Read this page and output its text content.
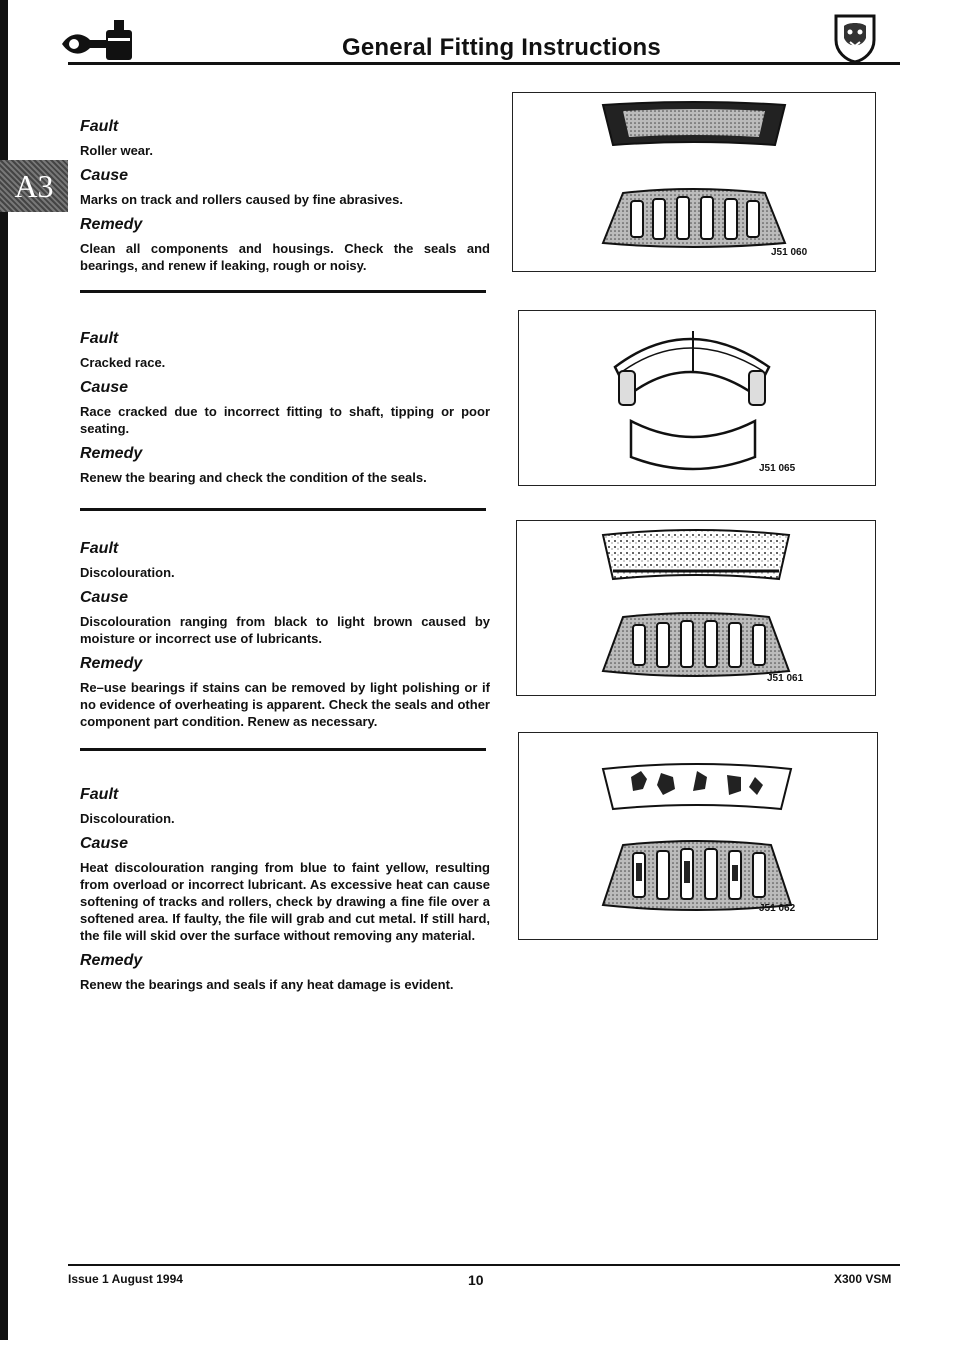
A3
General Fitting Instructions
Fault

Roller wear.

Cause

Marks on track and rollers caused by fine abrasives.

Remedy

Clean all components and housings. Check the seals and bearings, and renew if leaking, rough or noisy.

Fault

Cracked race.

Cause

Race cracked due to incorrect fitting to shaft, tipping or poor seating.

Remedy

Renew the bearing and check the condition of the seals.

Fault

Discolouration.

Cause

Discolouration ranging from black to light brown caused by moisture or incorrect use of lubricants.

Remedy

Re–use bearings if stains can be removed by light polishing or if no evidence of overheating is apparent. Check the seals and other component part condition. Renew as necessary.

Fault

Discolouration.

Cause

Heat discolouration ranging from blue to faint yellow, resulting from overload or incorrect lubricant. As excessive heat can cause softening of tracks and rollers, check by drawing a fine file over a softened area. If faulty, the file will grab and cut metal. If still hard, the file will skid over the surface without removing any material.

Remedy

Renew the bearings and seals if any heat damage is evident.

J51 060
J51 065
J51 061
J51 062
Issue 1 August 1994	10	X300 VSM
